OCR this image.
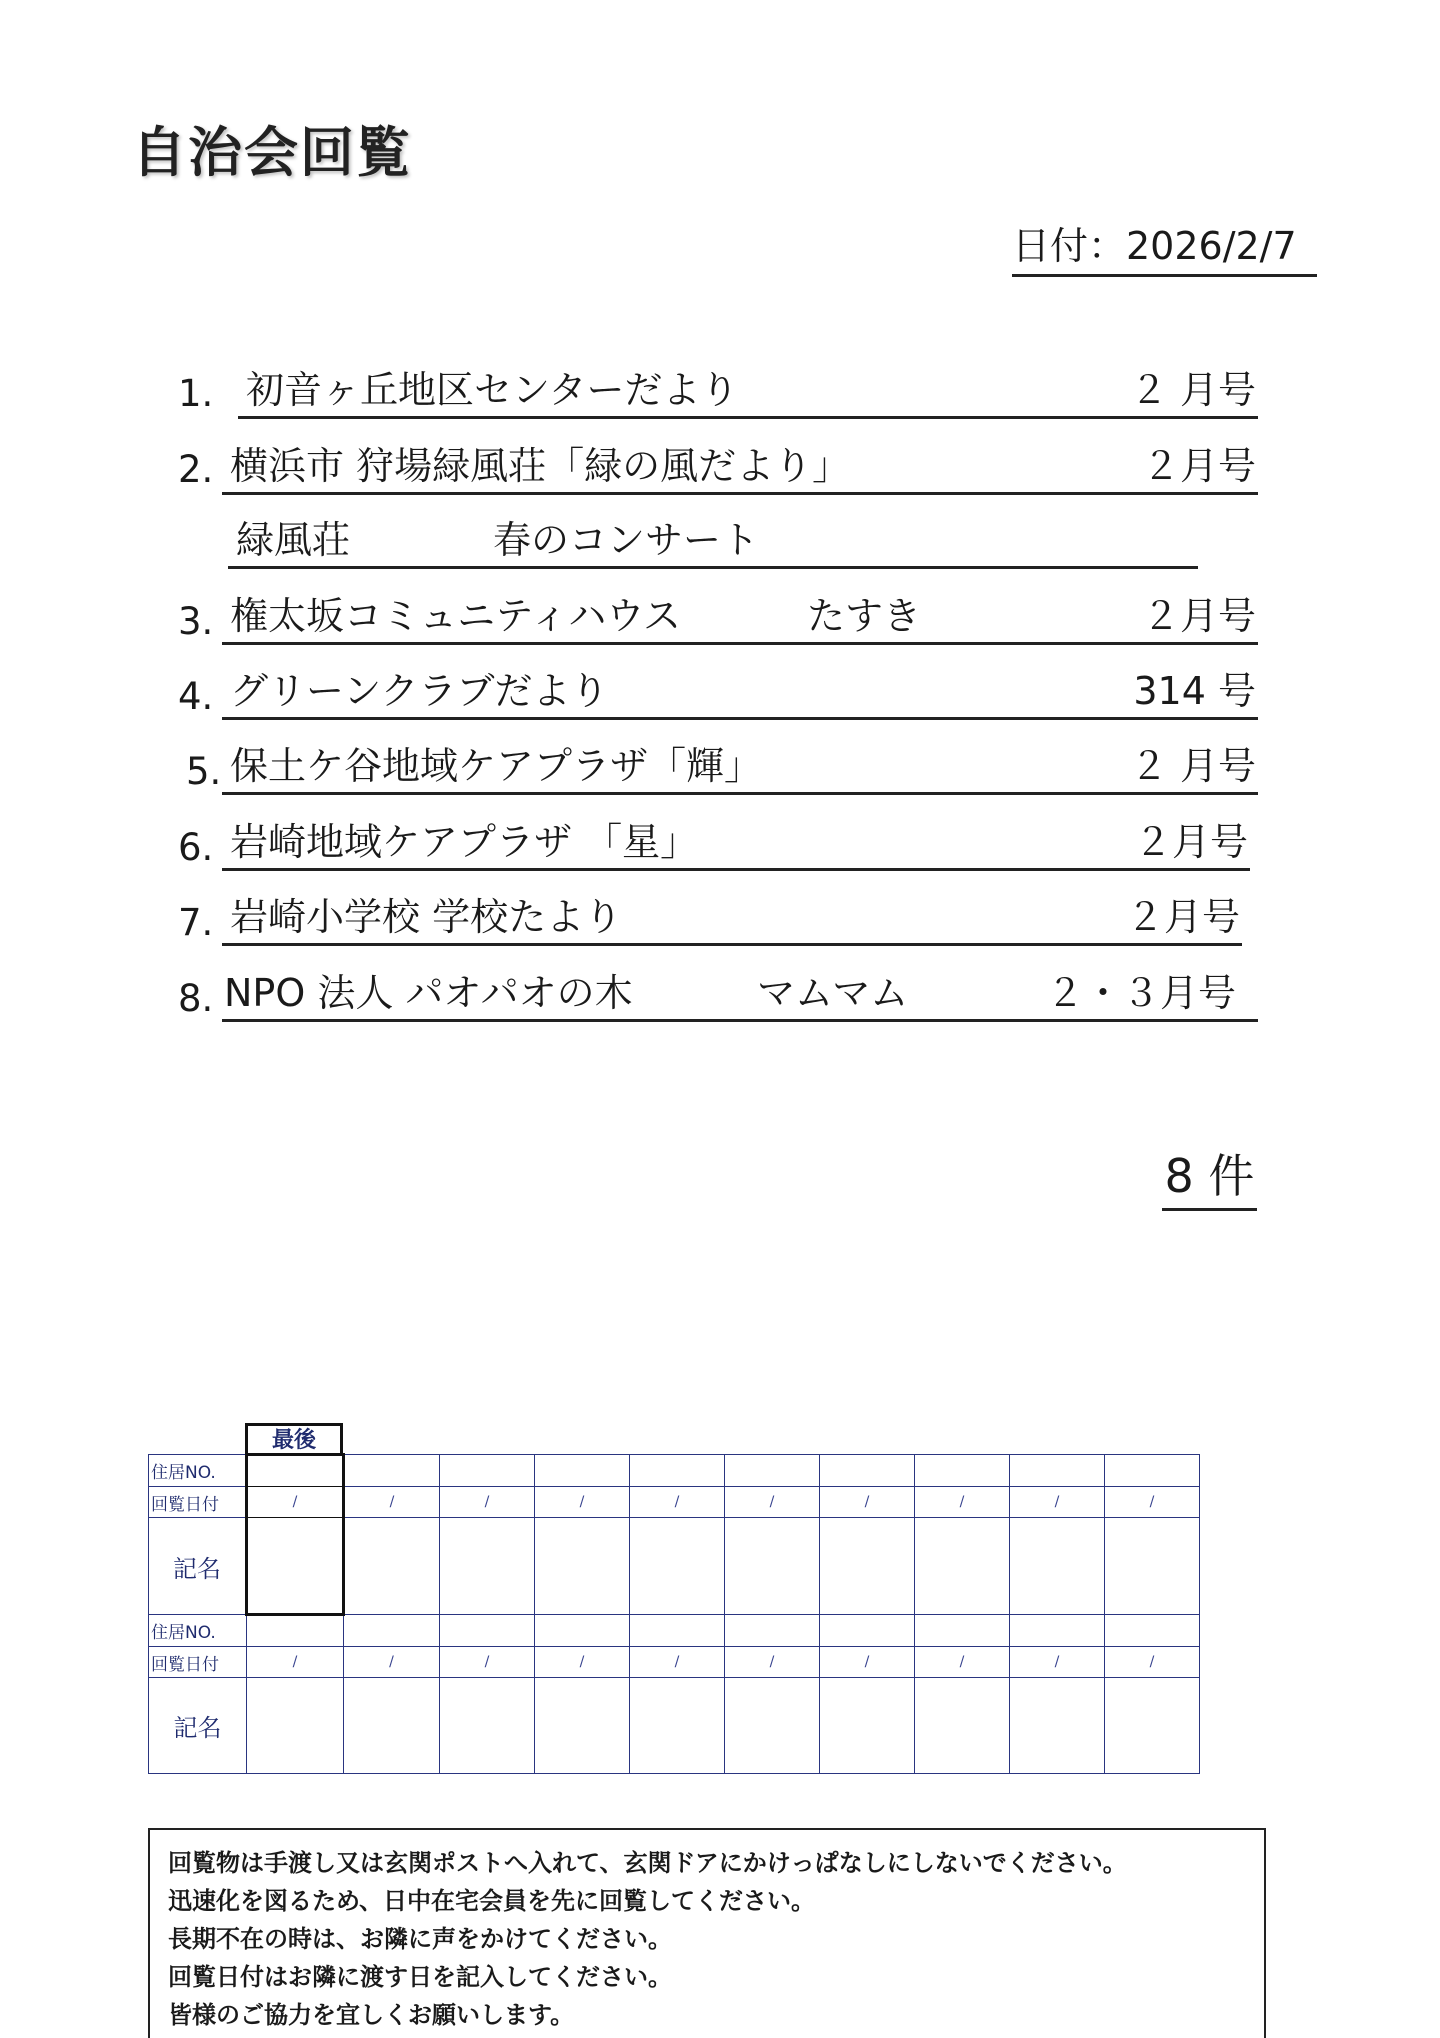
自治会回覧
日付：2026/2/7
1. 初音ヶ丘地区センターだより	２ 月号
2. 横浜市 狩場緑風荘「緑の風だより」	２月号
緑風荘	春のコンサート
3. 権太坂コミュニティハウス	たすき	２月号
4. グリーンクラブだより	314 号
5. 保土ケ谷地域ケアプラザ「輝」	２ 月号
6. 岩崎地域ケアプラザ 「星」	２月号
7. 岩崎小学校 学校たより	２月号
8. NPO 法人 パオパオの木	マムマム	２・３月号
8 件
最後
住居NO.										
回覧日付	/	/	/	/	/	/	/	/	/	/
記名										
住居NO.										
回覧日付	/	/	/	/	/	/	/	/	/	/
記名										
回覧物は手渡し又は玄関ポストへ入れて、玄関ドアにかけっぱなしにしないでください。
迅速化を図るため、日中在宅会員を先に回覧してください。
長期不在の時は、お隣に声をかけてください。
回覧日付はお隣に渡す日を記入してください。
皆様のご協力を宜しくお願いします。
